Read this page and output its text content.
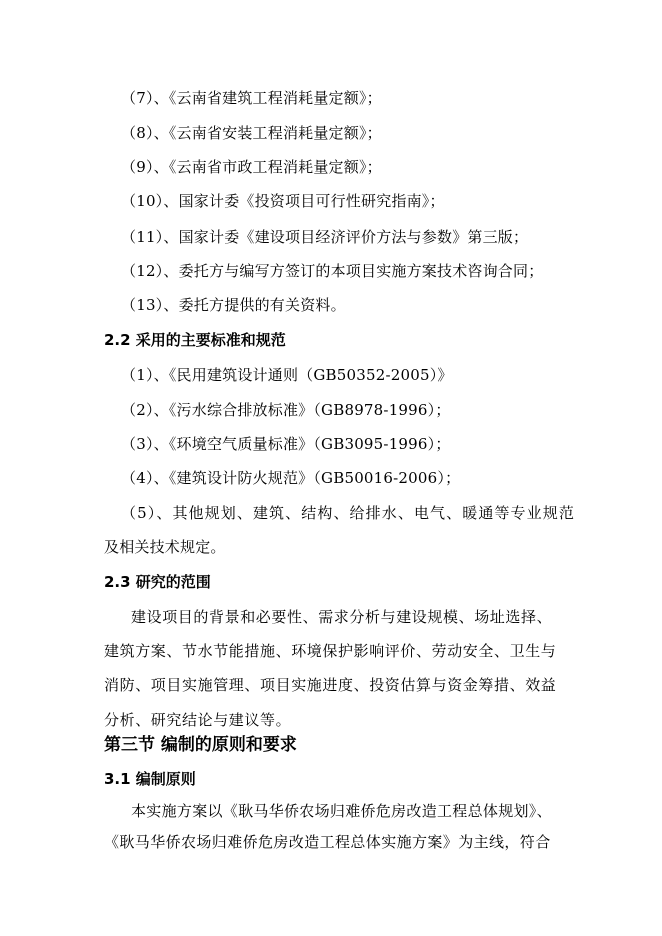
（7）、《云南省建筑工程消耗量定额》；
（8）、《云南省安装工程消耗量定额》；
（9）、《云南省市政工程消耗量定额》；
（10）、国家计委《投资项目可行性研究指南》；
（11）、国家计委《建设项目经济评价方法与参数》第三版；
（12）、委托方与编写方签订的本项目实施方案技术咨询合同；
（13）、委托方提供的有关资料。
2.2 采用的主要标准和规范
（1）、《民用建筑设计通则（GB50352-2005）》
（2）、《污水综合排放标准》（GB8978-1996）；
（3）、《环境空气质量标准》（GB3095-1996）；
（4）、《建筑设计防火规范》（GB50016-2006）；
（5）、其他规划、建筑、结构、给排水、电气、暖通等专业规范
及相关技术规定。
2.3 研究的范围
建设项目的背景和必要性、需求分析与建设规模、场址选择、
建筑方案、节水节能措施、环境保护影响评价、劳动安全、卫生与
消防、项目实施管理、项目实施进度、投资估算与资金筹措、效益
分析、研究结论与建议等。
第三节 编制的原则和要求
3.1 编制原则
本实施方案以《耿马华侨农场归难侨危房改造工程总体规划》、
《耿马华侨农场归难侨危房改造工程总体实施方案》为主线，符合
